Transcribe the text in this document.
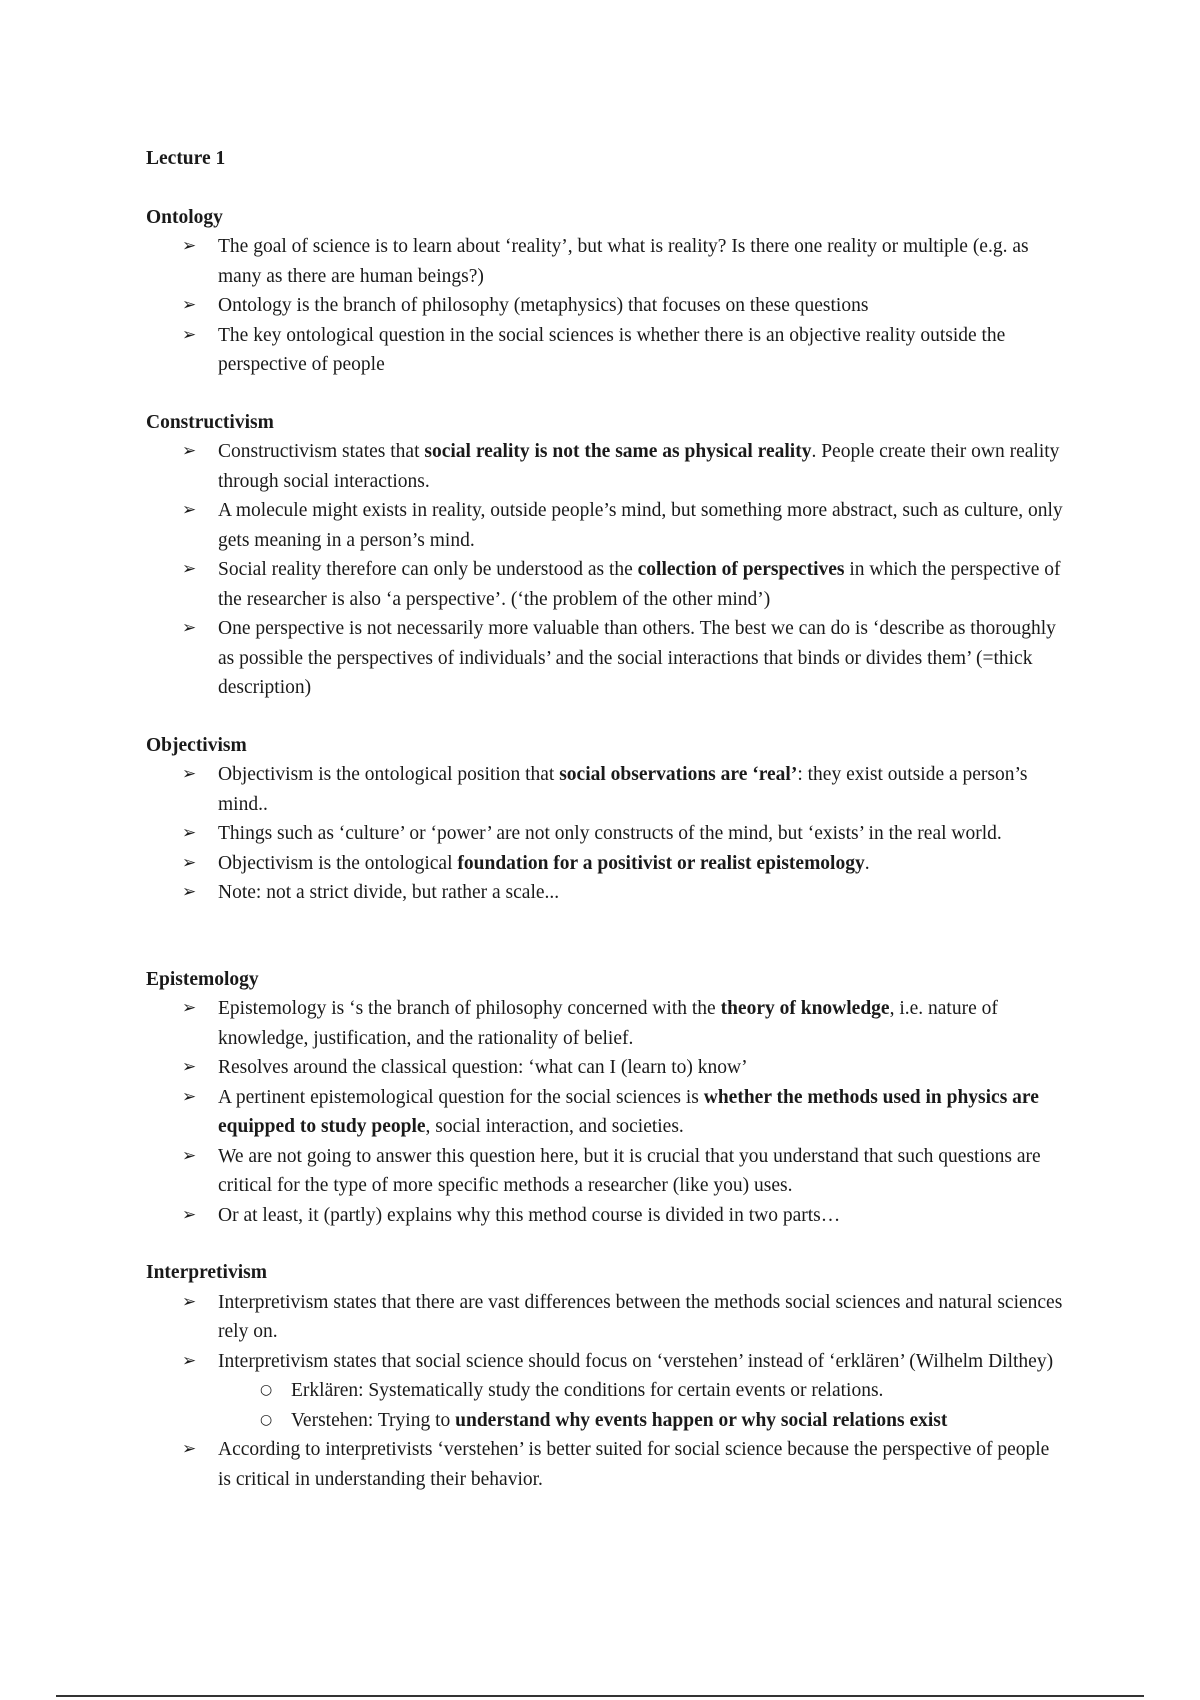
Lecture 1
Ontology
➢ The goal of science is to learn about ‘reality’, but what is reality? Is there one reality or multiple (e.g. as many as there are human beings?)
➢ Ontology is the branch of philosophy (metaphysics) that focuses on these questions
➢ The key ontological question in the social sciences is whether there is an objective reality outside the perspective of people
Constructivism
➢ Constructivism states that social reality is not the same as physical reality. People create their own reality through social interactions.
➢ A molecule might exists in reality, outside people’s mind, but something more abstract, such as culture, only gets meaning in a person’s mind.
➢ Social reality therefore can only be understood as the collection of perspectives in which the perspective of the researcher is also ‘a perspective’. (‘the problem of the other mind’)
➢ One perspective is not necessarily more valuable than others. The best we can do is ‘describe as thoroughly as possible the perspectives of individuals’ and the social interactions that binds or divides them’ (=thick description)
Objectivism
➢ Objectivism is the ontological position that social observations are ‘real’: they exist outside a person’s mind..
➢ Things such as ‘culture’ or ‘power’ are not only constructs of the mind, but ‘exists’ in the real world.
➢ Objectivism is the ontological foundation for a positivist or realist epistemology.
➢ Note: not a strict divide, but rather a scale...
Epistemology
➢ Epistemology is ‘s the branch of philosophy concerned with the theory of knowledge, i.e. nature of knowledge, justification, and the rationality of belief.
➢ Resolves around the classical question: ‘what can I (learn to) know’
➢ A pertinent epistemological question for the social sciences is whether the methods used in physics are equipped to study people, social interaction, and societies.
➢ We are not going to answer this question here, but it is crucial that you understand that such questions are critical for the type of more specific methods a researcher (like you) uses.
➢ Or at least, it (partly) explains why this method course is divided in two parts…
Interpretivism
➢ Interpretivism states that there are vast differences between the methods social sciences and natural sciences rely on.
➢ Interpretivism states that social science should focus on ‘verstehen’ instead of ‘erklären’ (Wilhelm Dilthey)
○ Erklären: Systematically study the conditions for certain events or relations.
○ Verstehen: Trying to understand why events happen or why social relations exist
➢ According to interpretivists ‘verstehen’ is better suited for social science because the perspective of people is critical in understanding their behavior.
